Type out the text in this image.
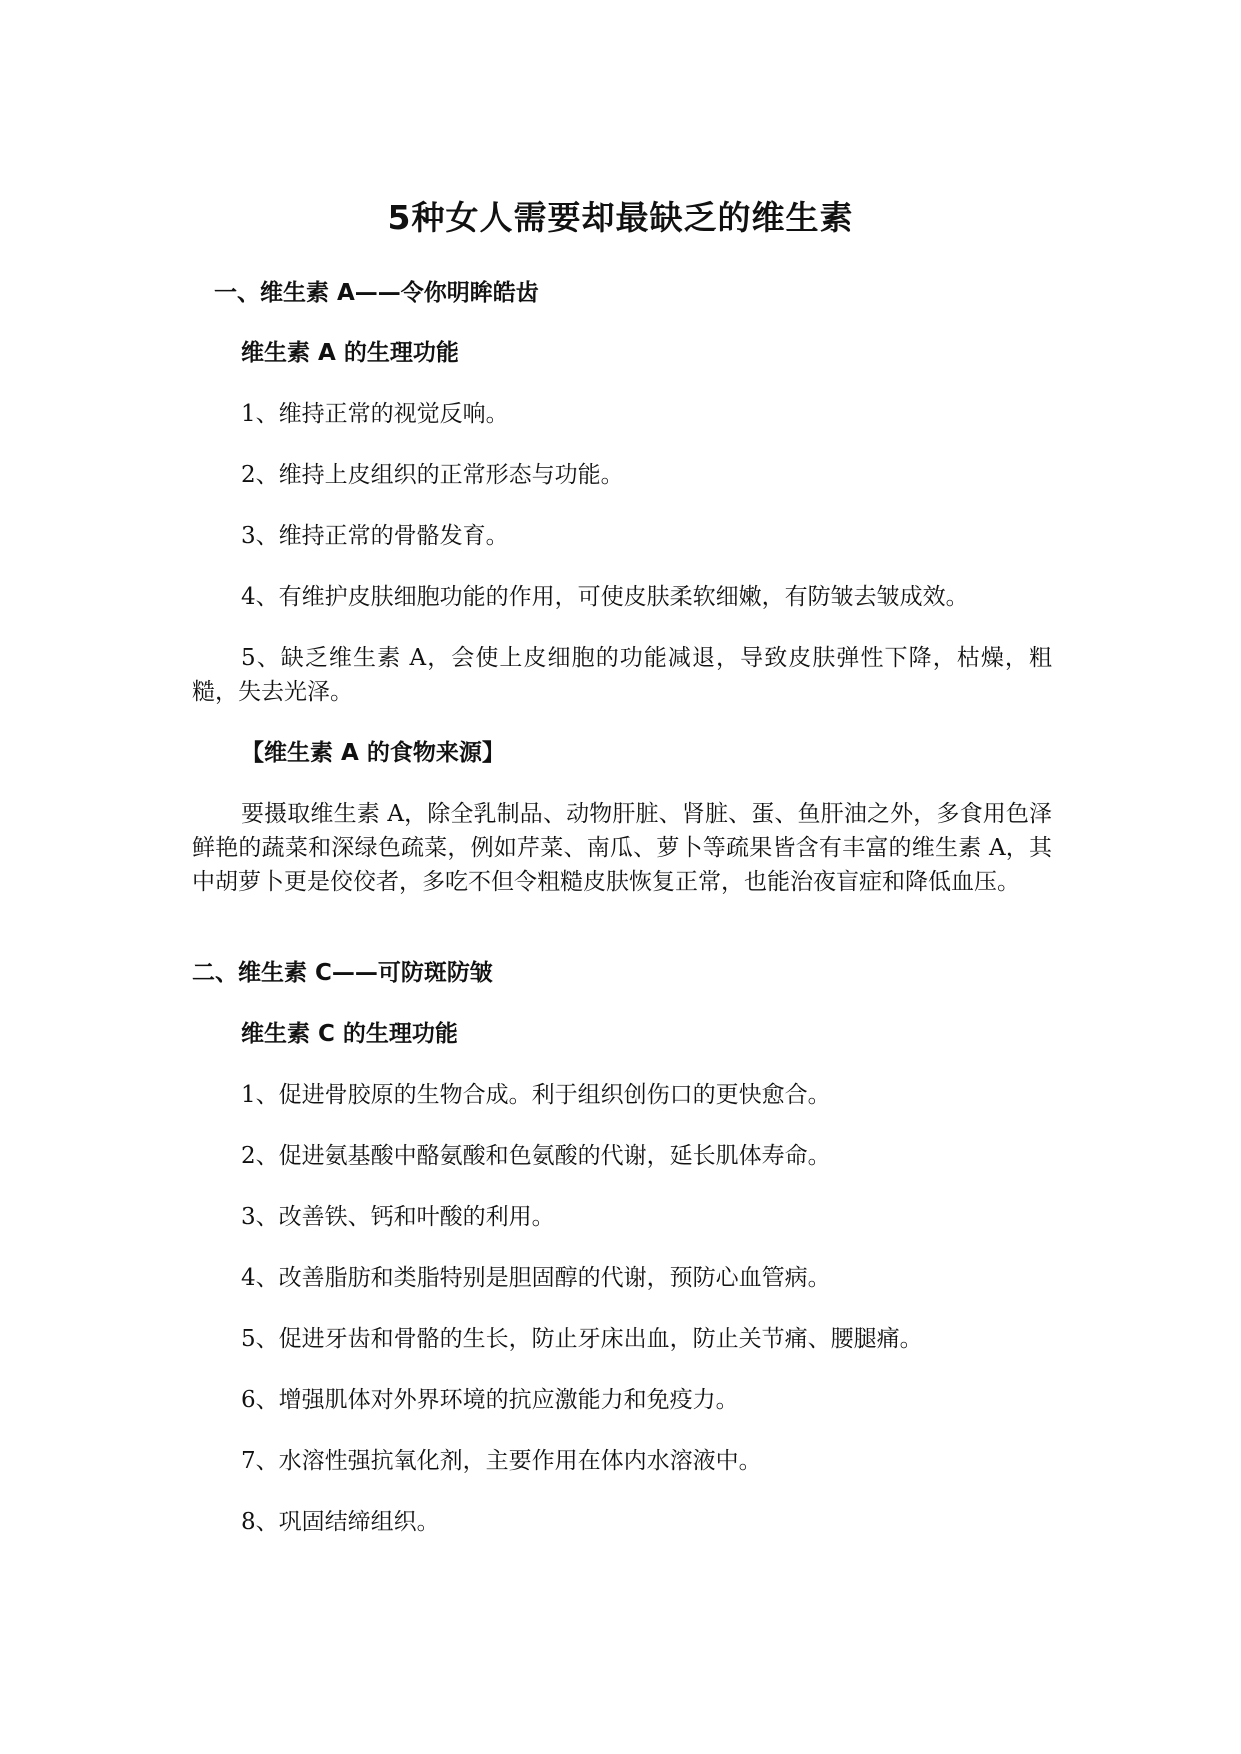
5种女人需要却最缺乏的维生素
一、维生素 A——令你明眸皓齿
维生素 A 的生理功能
1、维持正常的视觉反响。
2、维持上皮组织的正常形态与功能。
3、维持正常的骨骼发育。
4、有维护皮肤细胞功能的作用，可使皮肤柔软细嫩，有防皱去皱成效。
5、缺乏维生素 A，会使上皮细胞的功能减退，导致皮肤弹性下降，枯燥，粗糙，失去光泽。
【维生素 A 的食物来源】
要摄取维生素 A，除全乳制品、动物肝脏、肾脏、蛋、鱼肝油之外，多食用色泽鲜艳的蔬菜和深绿色疏菜，例如芹菜、南瓜、萝卜等疏果皆含有丰富的维生素 A，其中胡萝卜更是佼佼者，多吃不但令粗糙皮肤恢复正常，也能治夜盲症和降低血压。
二、维生素 C——可防斑防皱
维生素 C 的生理功能
1、促进骨胶原的生物合成。利于组织创伤口的更快愈合。
2、促进氨基酸中酪氨酸和色氨酸的代谢，延长肌体寿命。
3、改善铁、钙和叶酸的利用。
4、改善脂肪和类脂特别是胆固醇的代谢，预防心血管病。
5、促进牙齿和骨骼的生长，防止牙床出血，防止关节痛、腰腿痛。
6、增强肌体对外界环境的抗应激能力和免疫力。
7、水溶性强抗氧化剂，主要作用在体内水溶液中。
8、巩固结缔组织。
